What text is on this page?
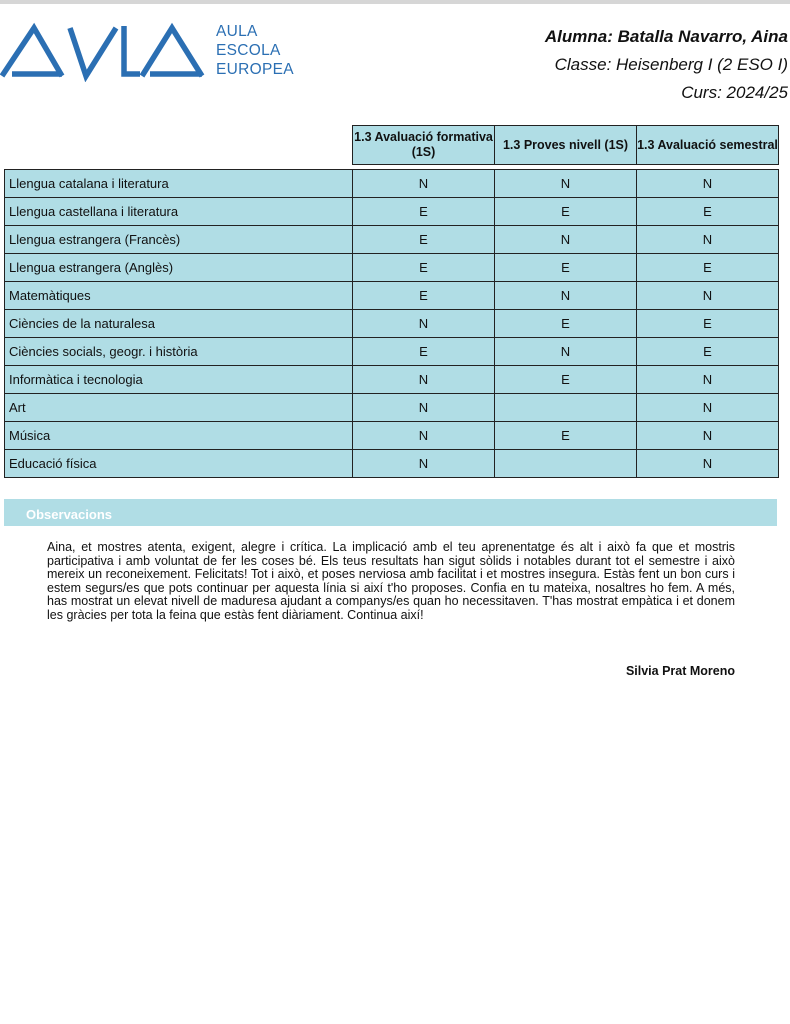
AULA
ESCOLA
EUROPEA
Alumna: Batalla Navarro, Aina
Classe: Heisenberg I (2 ESO I)
Curs: 2024/25
	1.3 Avaluació formativa (1S)	1.3 Proves nivell (1S)	1.3 Avaluació semestral

Llengua catalana i literatura	N	N	N
Llengua castellana i literatura	E	E	E
Llengua estrangera (Francès)	E	N	N
Llengua estrangera (Anglès)	E	E	E
Matemàtiques	E	N	N
Ciències de la naturalesa	N	E	E
Ciències socials, geogr. i història	E	N	E
Informàtica i tecnologia	N	E	N
Art	N		N
Música	N	E	N
Educació física	N		N
Observacions
Aina, et mostres atenta, exigent, alegre i crítica. La implicació amb el teu aprenentatge és alt i això fa que et mostris participativa i amb voluntat de fer les coses bé. Els teus resultats han sigut sòlids i notables durant tot el semestre i això mereix un reconeixement. Felicitats! Tot i això, et poses nerviosa amb facilitat i et mostres insegura. Estàs fent un bon curs i estem segurs/es que pots continuar per aquesta línia si així t'ho proposes. Confia en tu mateixa, nosaltres ho fem. A més, has mostrat un elevat nivell de maduresa ajudant a companys/es quan ho necessitaven. T'has mostrat empàtica i et donem les gràcies per tota la feina que estàs fent diàriament. Continua així!
Silvia Prat Moreno
